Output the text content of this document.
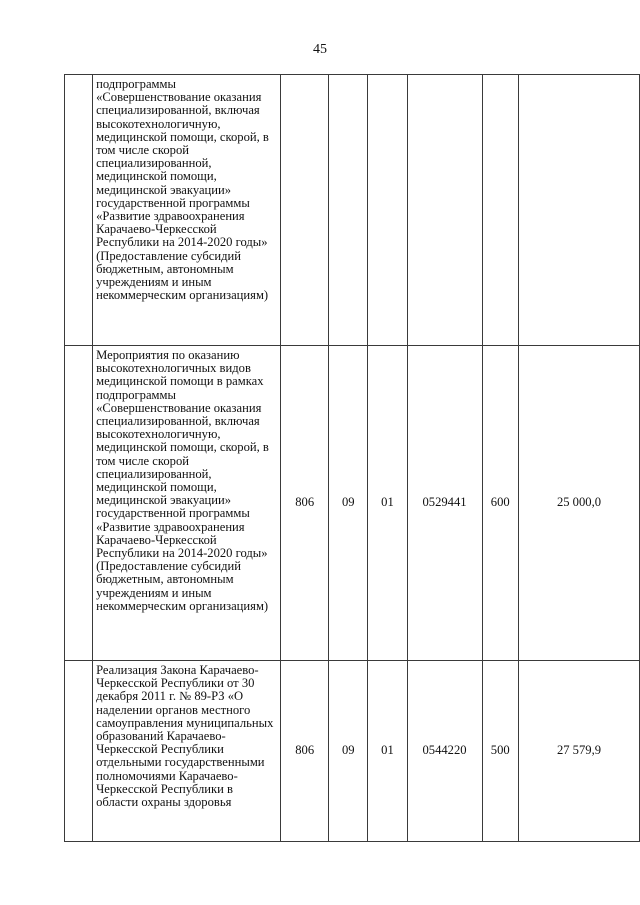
45

	подпрограммы «Совершенствование оказания специализированной, включая высокотехнологичную, медицинской помощи, скорой, в том числе скорой специализированной, медицинской помощи, медицинской эвакуации» государственной программы «Развитие здравоохранения Карачаево-Черкесской Республики на 2014-2020 годы» (Предоставление субсидий бюджетным, автономным учреждениям и иным некоммерческим организациям)						

	Мероприятия по оказанию высокотехнологичных видов медицинской помощи в рамках подпрограммы «Совершенствование оказания специализированной, включая высокотехнологичную, медицинской помощи, скорой, в том числе скорой специализированной, медицинской помощи, медицинской эвакуации» государственной программы «Развитие здравоохранения Карачаево-Черкесской Республики на 2014-2020 годы» (Предоставление субсидий бюджетным, автономным учреждениям и иным некоммерческим организациям)	806	09	01	0529441	600	25 000,0

	Реализация Закона Карачаево-Черкесской Республики от 30 декабря 2011 г. № 89-РЗ «О наделении органов местного самоуправления муниципальных образований Карачаево-Черкесской Республики отдельными государственными полномочиями Карачаево-Черкесской Республики в области охраны здоровья	806	09	01	0544220	500	27 579,9
